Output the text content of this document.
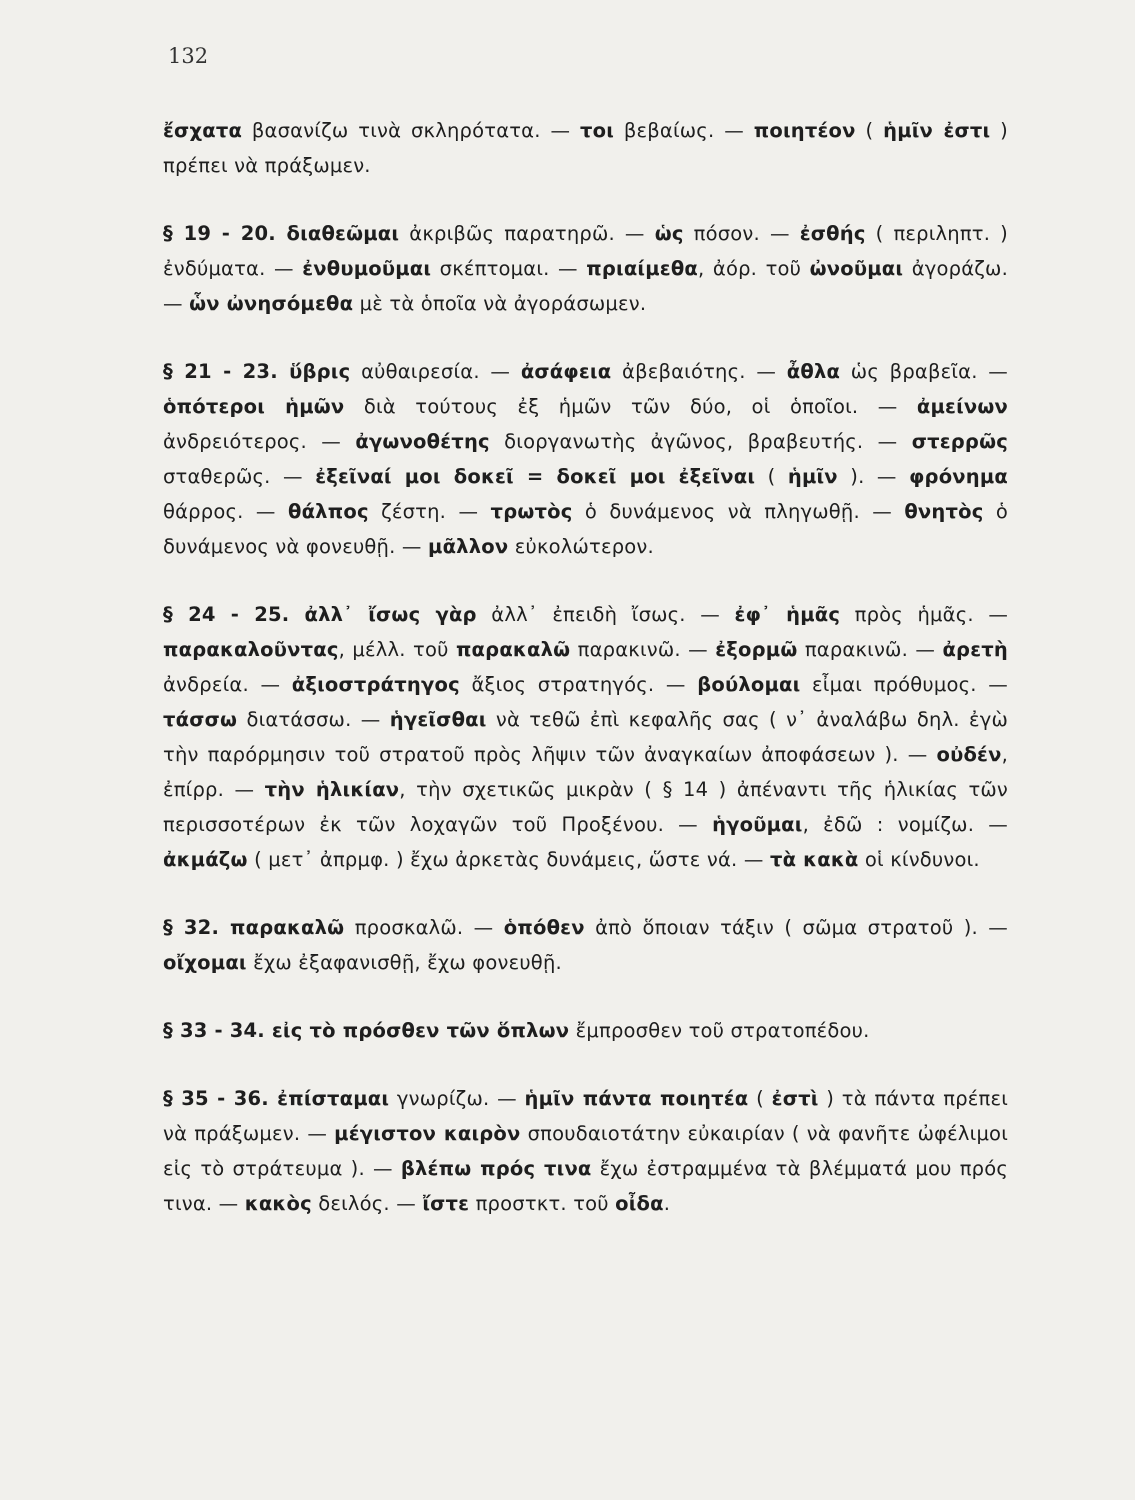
132

ἔσχατα βασανίζω τινὰ σκληρότατα. — τοι βεβαίως. — ποιητέον ( ἡμῖν ἐστι ) πρέπει νὰ πράξωμεν.

§ 19 - 20. διαθεῶμαι ἀκριβῶς παρατηρῶ. — ὡς πόσον. — ἐσθής ( περιληπτ. ) ἐνδύματα. — ἐνθυμοῦμαι σκέπτομαι. — πριαίμεθα, ἀόρ. τοῦ ὠνοῦμαι ἀγοράζω. — ὧν ὠνησόμεθα μὲ τὰ ὁποῖα νὰ ἀγοράσωμεν.

§ 21 - 23. ὕβρις αὐθαιρεσία. — ἀσάφεια ἀβεβαιότης. — ἆθλα ὡς βραβεῖα. — ὁπότεροι ἡμῶν διὰ τούτους ἐξ ἡμῶν τῶν δύο, οἱ ὁποῖοι. — ἀμείνων ἀνδρειότερος. — ἀγωνοθέτης διοργανωτὴς ἀγῶνος, βραβευτής. — στερρῶς σταθερῶς. — ἐξεῖναί μοι δοκεῖ = δοκεῖ μοι ἐξεῖναι ( ἡμῖν ). — φρόνημα θάρρος. — θάλπος ζέστη. — τρωτὸς ὁ δυνάμενος νὰ πληγωθῇ. — θνητὸς ὁ δυνάμενος νὰ φονευθῇ. — μᾶλλον εὐκολώτερον.

§ 24 - 25. ἀλλ᾽ ἴσως γὰρ ἀλλ᾽ ἐπειδὴ ἴσως. — ἐφ᾽ ἡμᾶς πρὸς ἡμᾶς. — παρακαλοῦντας, μέλλ. τοῦ παρακαλῶ παρακινῶ. — ἐξορμῶ παρακινῶ. — ἀρετὴ ἀνδρεία. — ἀξιοστράτηγος ἄξιος στρατηγός. — βούλομαι εἶμαι πρόθυμος. — τάσσω διατάσσω. — ἡγεῖσθαι νὰ τεθῶ ἐπὶ κεφαλῆς σας ( ν᾽ ἀναλάβω δηλ. ἐγὼ τὴν παρόρμησιν τοῦ στρατοῦ πρὸς λῆψιν τῶν ἀναγκαίων ἀποφάσεων ). — οὐδέν, ἐπίρρ. — τὴν ἡλικίαν, τὴν σχετικῶς μικρὰν ( § 14 ) ἀπέναντι τῆς ἡλικίας τῶν περισσοτέρων ἐκ τῶν λοχαγῶν τοῦ Προξένου. — ἡγοῦμαι, ἐδῶ : νομίζω. — ἀκμάζω ( μετ᾽ ἀπρμφ. ) ἔχω ἀρκετὰς δυνάμεις, ὥστε νά. — τὰ κακὰ οἱ κίνδυνοι.

§ 32. παρακαλῶ προσκαλῶ. — ὁπόθεν ἀπὸ ὅποιαν τάξιν ( σῶμα στρατοῦ ). — οἴχομαι ἔχω ἐξαφανισθῇ, ἔχω φονευθῇ.

§ 33 - 34. εἰς τὸ πρόσθεν τῶν ὅπλων ἔμπροσθεν τοῦ στρατοπέδου.

§ 35 - 36. ἐπίσταμαι γνωρίζω. — ἡμῖν πάντα ποιητέα ( ἐστὶ ) τὰ πάντα πρέπει νὰ πράξωμεν. — μέγιστον καιρὸν σπουδαιοτάτην εὐκαιρίαν ( νὰ φανῆτε ὠφέλιμοι εἰς τὸ στράτευμα ). — βλέπω πρός τινα ἔχω ἐστραμμένα τὰ βλέμματά μου πρός τινα. — κακὸς δειλός. — ἴστε προστκτ. τοῦ οἶδα.
